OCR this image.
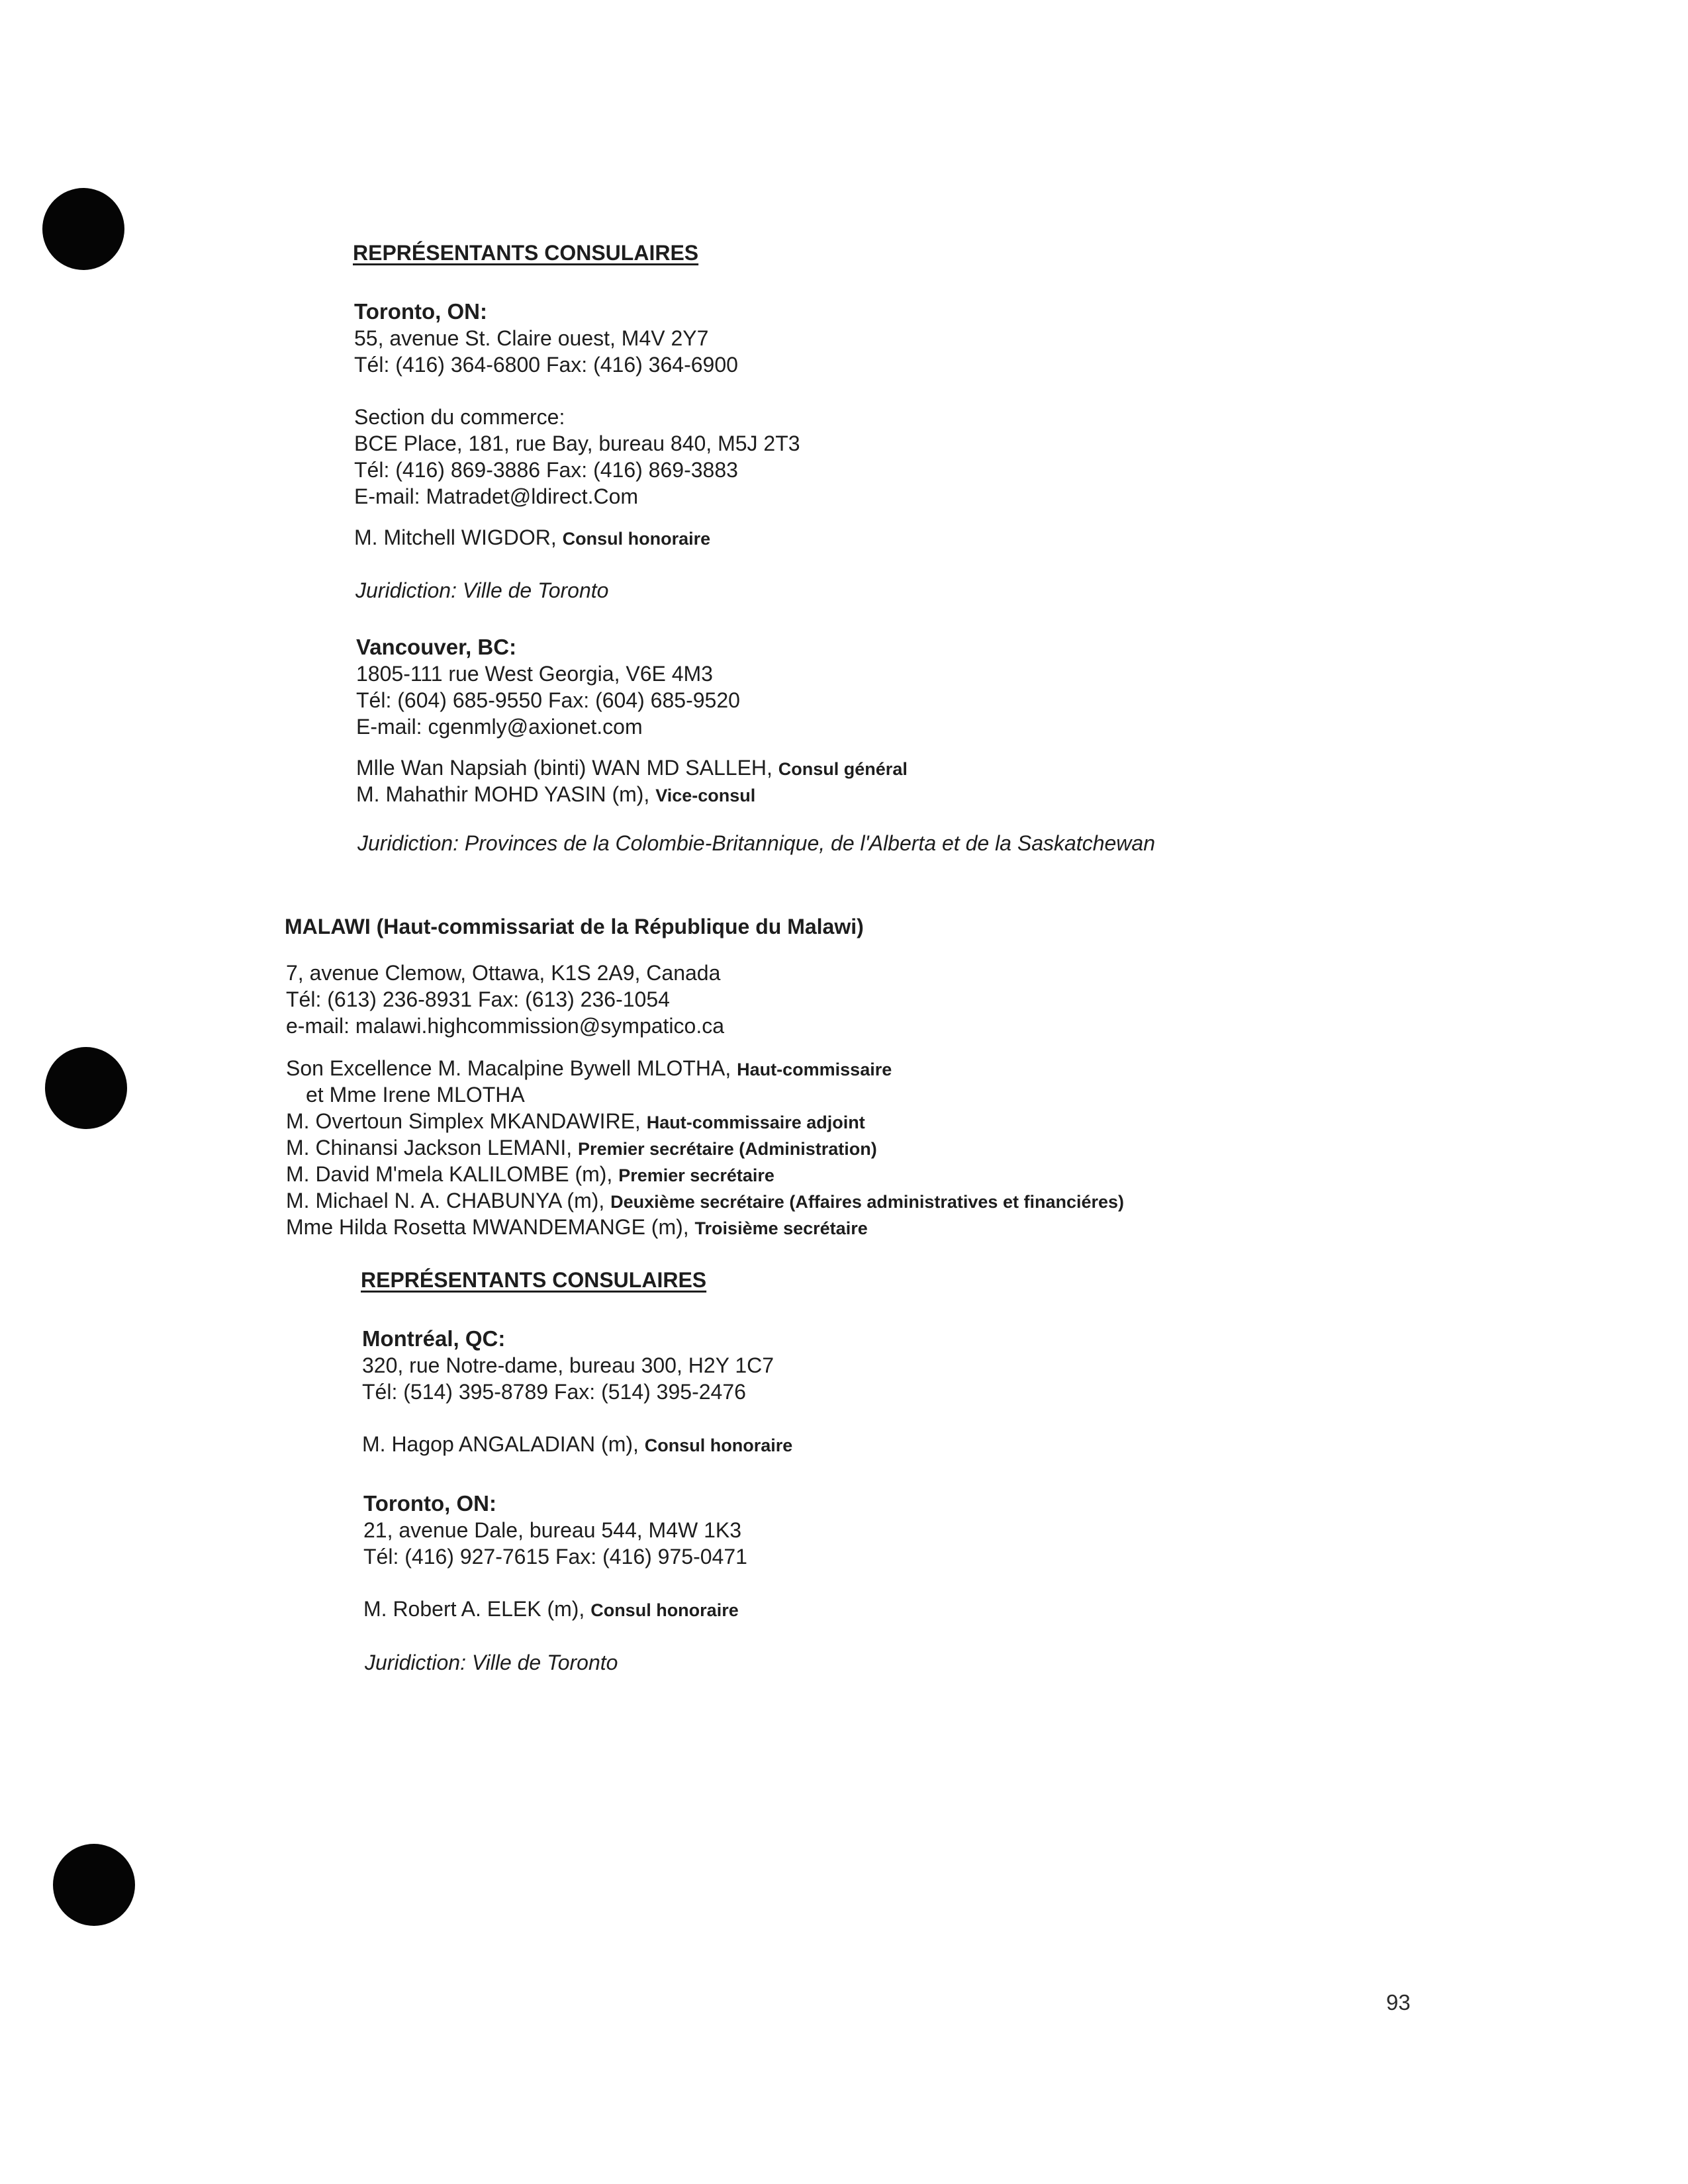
REPRÉSENTANTS CONSULAIRES
Toronto, ON:
55, avenue St. Claire ouest, M4V 2Y7
Tél: (416) 364-6800 Fax: (416) 364-6900
Section du commerce:
BCE Place, 181, rue Bay, bureau 840, M5J 2T3
Tél: (416) 869-3886 Fax: (416) 869-3883
E-mail: Matradet@ldirect.Com
M. Mitchell WIGDOR, Consul honoraire
Juridiction: Ville de Toronto
Vancouver, BC:
1805-111 rue West Georgia, V6E 4M3
Tél: (604) 685-9550 Fax: (604) 685-9520
E-mail: cgenmly@axionet.com
Mlle Wan Napsiah (binti) WAN MD SALLEH, Consul général
M. Mahathir MOHD YASIN (m), Vice-consul
Juridiction: Provinces de la Colombie-Britannique, de l'Alberta et de la Saskatchewan
MALAWI (Haut-commissariat de la République du Malawi)
7, avenue Clemow, Ottawa, K1S 2A9, Canada
Tél: (613) 236-8931 Fax: (613) 236-1054
e-mail: malawi.highcommission@sympatico.ca
Son Excellence M. Macalpine Bywell MLOTHA, Haut-commissaire
et Mme Irene MLOTHA
M. Overtoun Simplex MKANDAWIRE, Haut-commissaire adjoint
M. Chinansi Jackson LEMANI, Premier secrétaire (Administration)
M. David M'mela KALILOMBE (m), Premier secrétaire
M. Michael N. A. CHABUNYA (m), Deuxième secrétaire (Affaires administratives et financiéres)
Mme Hilda Rosetta MWANDEMANGE (m), Troisième secrétaire
REPRÉSENTANTS CONSULAIRES
Montréal, QC:
320, rue Notre-dame, bureau 300, H2Y 1C7
Tél: (514) 395-8789 Fax: (514) 395-2476
M. Hagop ANGALADIAN (m), Consul honoraire
Toronto, ON:
21, avenue Dale, bureau 544, M4W 1K3
Tél: (416) 927-7615 Fax: (416) 975-0471
M. Robert A. ELEK (m), Consul honoraire
Juridiction: Ville de Toronto
93
